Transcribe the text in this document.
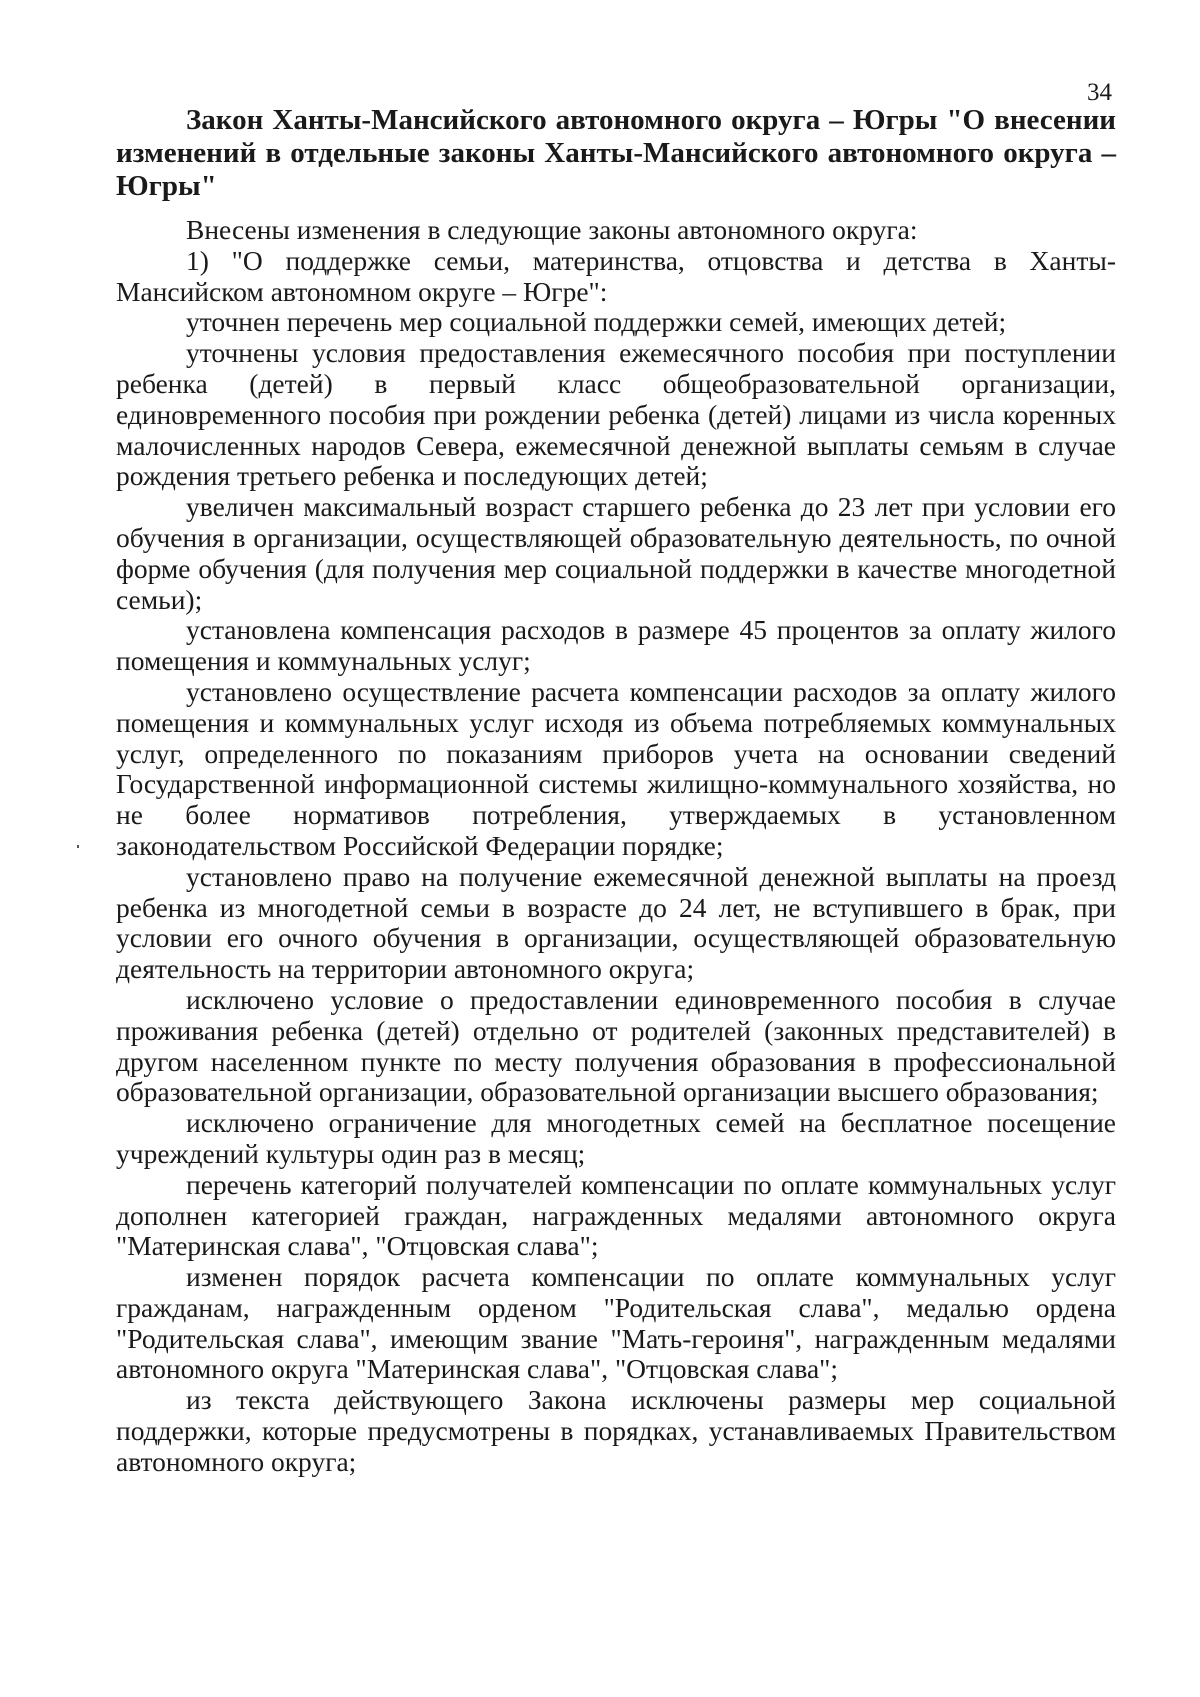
34
Закон Ханты-Мансийского автономного округа – Югры "О внесении изменений в отдельные законы Ханты-Мансийского автономного округа – Югры"

Внесены изменения в следующие законы автономного округа:

1) "О поддержке семьи, материнства, отцовства и детства в Ханты-Мансийском автономном округе – Югре":

уточнен перечень мер социальной поддержки семей, имеющих детей;

уточнены условия предоставления ежемесячного пособия при поступлении ребенка (детей) в первый класс общеобразовательной организации, единовременного пособия при рождении ребенка (детей) лицами из числа коренных малочисленных народов Севера, ежемесячной денежной выплаты семьям в случае рождения третьего ребенка и последующих детей;

увеличен максимальный возраст старшего ребенка до 23 лет при условии его обучения в организации, осуществляющей образовательную деятельность, по очной форме обучения (для получения мер социальной поддержки в качестве многодетной семьи);

установлена компенсация расходов в размере 45 процентов за оплату жилого помещения и коммунальных услуг;

установлено осуществление расчета компенсации расходов за оплату жилого помещения и коммунальных услуг исходя из объема потребляемых коммунальных услуг, определенного по показаниям приборов учета на основании сведений Государственной информационной системы жилищно-коммунального хозяйства, но не более нормативов потребления, утверждаемых в установленном законодательством Российской Федерации порядке;

установлено право на получение ежемесячной денежной выплаты на проезд ребенка из многодетной семьи в возрасте до 24 лет, не вступившего в брак, при условии его очного обучения в организации, осуществляющей образовательную деятельность на территории автономного округа;

исключено условие о предоставлении единовременного пособия в случае проживания ребенка (детей) отдельно от родителей (законных представителей) в другом населенном пункте по месту получения образования в профессиональной образовательной организации, образовательной организации высшего образования;

исключено ограничение для многодетных семей на бесплатное посещение учреждений культуры один раз в месяц;

перечень категорий получателей компенсации по оплате коммунальных услуг дополнен категорией граждан, награжденных медалями автономного округа "Материнская слава", "Отцовская слава";

изменен порядок расчета компенсации по оплате коммунальных услуг гражданам, награжденным орденом "Родительская слава", медалью ордена "Родительская слава", имеющим звание "Мать-героиня", награжденным медалями автономного округа "Материнская слава", "Отцовская слава";

из текста действующего Закона исключены размеры мер социальной поддержки, которые предусмотрены в порядках, устанавливаемых Правительством автономного округа;
